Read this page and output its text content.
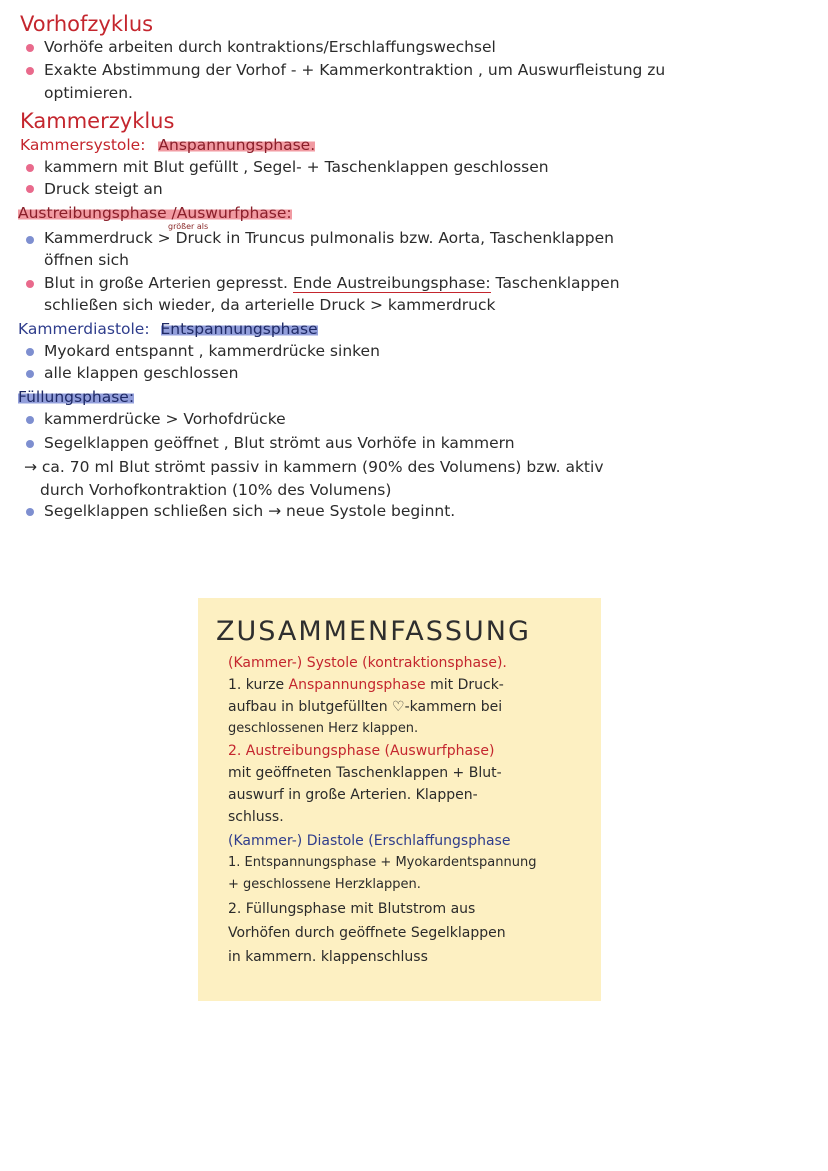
Vorhofzyklus
Vorhöfe arbeiten durch kontraktions/Erschlaffungswechsel
Exakte Abstimmung der Vorhof - + Kammerkontraktion , um Auswurfleistung zu
optimieren.
Kammerzyklus
Kammersystole: Anspannungsphase.
kammern mit Blut gefüllt , Segel- + Taschenklappen geschlossen
Druck steigt an
Austreibungsphase /Auswurfphase:
größer als
Kammerdruck > Druck in Truncus pulmonalis bzw. Aorta, Taschenklappen
öffnen sich
Blut in große Arterien gepresst. Ende Austreibungsphase: Taschenklappen
schließen sich wieder, da arterielle Druck > kammerdruck
Kammerdiastole: Entspannungsphase
Myokard entspannt , kammerdrücke sinken
alle klappen geschlossen
Füllungsphase:
kammerdrücke > Vorhofdrücke
Segelklappen geöffnet , Blut strömt aus Vorhöfe in kammern
→ ca. 70 ml Blut strömt passiv in kammern (90% des Volumens) bzw. aktiv
durch Vorhofkontraktion (10% des Volumens)
Segelklappen schließen sich → neue Systole beginnt.
ZUSAMMENFASSUNG
(Kammer-) Systole (kontraktionsphase).
1. kurze Anspannungsphase mit Druck-
aufbau in blutgefüllten ♡-kammern bei
geschlossenen Herz klappen.
2. Austreibungsphase (Auswurfphase)
mit geöffneten Taschenklappen + Blut-
auswurf in große Arterien. Klappen-
schluss.
(Kammer-) Diastole (Erschlaffungsphase
1. Entspannungsphase + Myokardentspannung
+ geschlossene Herzklappen.
2. Füllungsphase mit Blutstrom aus
Vorhöfen durch geöffnete Segelklappen
in kammern. klappenschluss
